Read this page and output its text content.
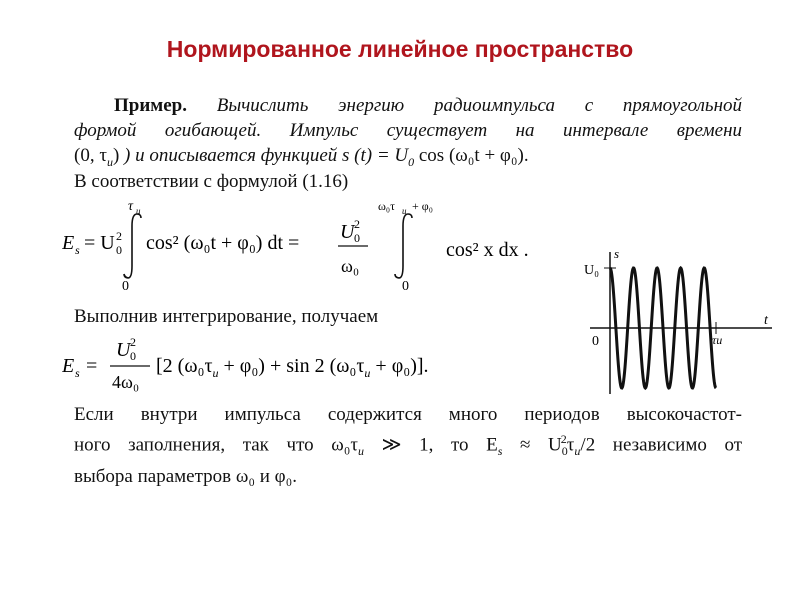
Нормированное линейное пространство
Пример. Вычислить энергию радиоимпульса с прямоугольной
формой огибающей. Импульс существует на интервале времени
(0, $\tau_и$) ) и описывается функцией s $(t) = U_0$ cos (ω₀t + φ₀).
В соответствии с формулой (1.16)
E s = U 0
2
τ и
0
cos² (ω₀t + φ₀) dt = U 0
2
ω₀
ω₀τ и + φ₀
0
cos² x dx .
Выполнив интегрирование, получаем
E s =
U 0
2
4ω₀
[2 $(\omega_0\tau_и + \varphi_0) + \sin 2$ $(\omega_0\tau_и + \varphi_0)$].
Если внутри импульса содержится много периодов высокочастот-
ного заполнения, так что $\omega_0\tau_и$ ≫ 1, то $E_s \approx U_0^2\tau_и/2$ независимо от
выбора параметров ω₀ и φ₀.
U₀
s
t
0	τи
